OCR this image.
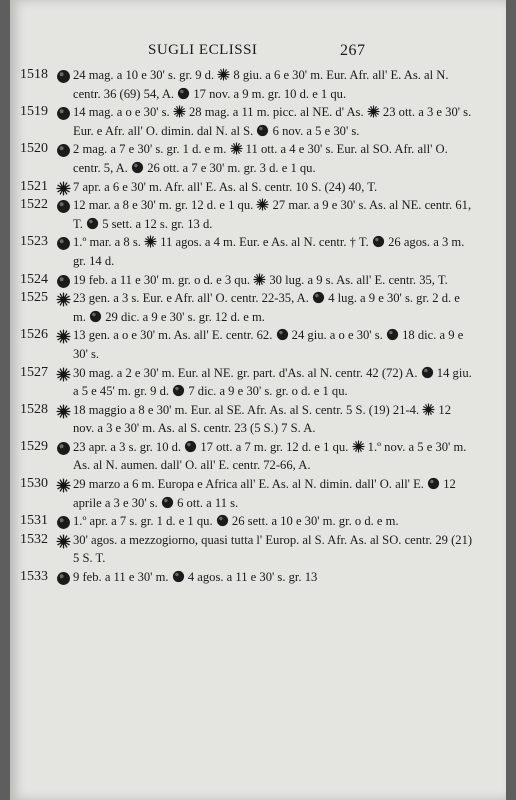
SUGLI ECLISSI	267
1518	24 mag. a 10 e 30' s. gr. 9 d.
8 giu. a 6 e 30' m. Eur. Afr. all' E. As. al N. centr. 36 (69) 54, A.
17 nov. a 9 m. gr. 10 d. e 1 qu.
1519	14 mag. a o e 30' s.
28 mag. a 11 m. picc. al NE. d' As.
23 ott. a 3 e 30' s. Eur. e Afr. all' O. dimin. dal N. al S.
6 nov. a 5 e 30' s.
1520	2 mag. a 7 e 30' s. gr. 1 d. e m.
11 ott. a 4 e 30' s. Eur. al SO. Afr. all' O. centr. 5, A.
26 ott. a 7 e 30' m. gr. 3 d. e 1 qu.
1521	7 apr. a 6 e 30' m. Afr. all' E. As. al S. centr. 10 S. (24) 40, T.
1522	12 mar. a 8 e 30' m. gr. 12 d. e 1 qu.
27 mar. a 9 e 30' s. As. al NE. centr. 61, T.
5 sett. a 12 s. gr. 13 d.
1523	1.º mar. a 8 s.
11 agos. a 4 m. Eur. e As. al N. centr. † T.
26 agos. a 3 m. gr. 14 d.
1524	19 feb. a 11 e 30' m. gr. o d. e 3 qu.
30 lug. a 9 s. As. all' E. centr. 35, T.
1525	23 gen. a 3 s. Eur. e Afr. all' O. centr. 22-35, A.
4 lug. a 9 e 30' s. gr. 2 d. e m.
29 dic. a 9 e 30' s. gr. 12 d. e m.
1526	13 gen. a o e 30' m. As. all' E. centr. 62.
24 giu. a o e 30' s.
18 dic. a 9 e 30' s.
1527	30 mag. a 2 e 30' m. Eur. al NE. gr. part. d'As. al N. centr. 42 (72) A.
14 giu. a 5 e 45' m. gr. 9 d.
7 dic. a 9 e 30' s. gr. o d. e 1 qu.
1528	18 maggio a 8 e 30' m. Eur. al SE. Afr. As. al S. centr. 5 S. (19) 21-4.
12 nov. a 3 e 30' m. As. al S. centr. 23 (5 S.) 7 S. A.
1529	23 apr. a 3 s. gr. 10 d.
17 ott. a 7 m. gr. 12 d. e 1 qu.
1.º nov. a 5 e 30' m. As. al N. aumen. dall' O. all' E. centr. 72-66, A.
1530	29 marzo a 6 m. Europa e Africa all' E. As. al N. dimin. dall' O. all' E.
12 aprile a 3 e 30' s.
6 ott. a 11 s.
1531	1.º apr. a 7 s. gr. 1 d. e 1 qu.
26 sett. a 10 e 30' m. gr. o d. e m.
1532	30' agos. a mezzogiorno, quasi tutta l' Europ. al S. Afr. As. al SO. centr. 29 (21) 5 S. T.
1533	9 feb. a 11 e 30' m.
4 agos. a 11 e 30' s. gr. 13
